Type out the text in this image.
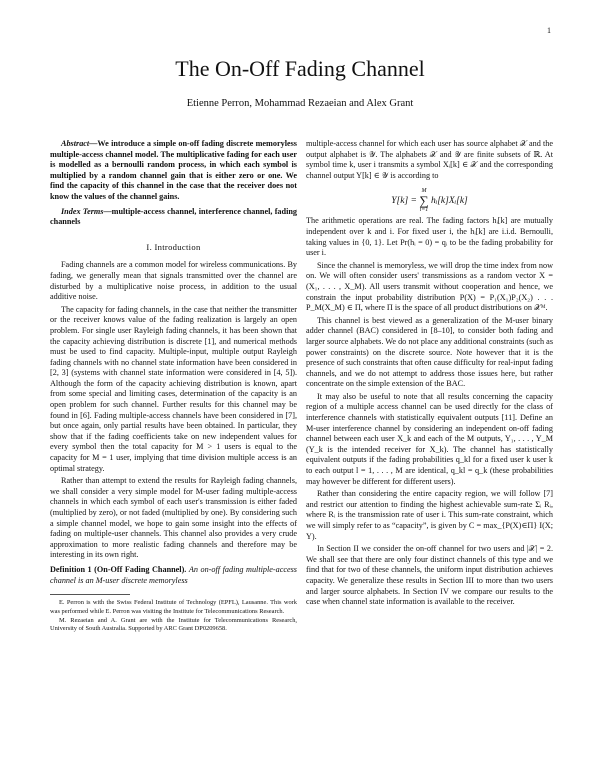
1
The On-Off Fading Channel
Etienne Perron, Mohammad Rezaeian and Alex Grant

Abstract—We introduce a simple on-off fading discrete memoryless multiple-access channel model. The multiplicative fading for each user is modelled as a bernoulli random process, in which each symbol is multiplied by a random channel gain that is either zero or one. We find the capacity of this channel in the case that the receiver does not know the values of the channel gains.

Index Terms—multiple-access channel, interference channel, fading channels

I. Introduction

Fading channels are a common model for wireless communications. By fading, we generally mean that signals transmitted over the channel are disturbed by a multiplicative noise process, in addition to the usual additive noise.

The capacity for fading channels, in the case that neither the transmitter or the receiver knows value of the fading realization is largely an open problem. For single user Rayleigh fading channels, it has been shown that the capacity achieving distribution is discrete [1], and numerical methods must be used to find capacity. Multiple-input, multiple output Rayleigh fading channels with no channel state information have been considered in [2, 3] (systems with channel state information were considered in [4, 5]). Although the form of the capacity achieving distribution is known, apart from some special and limiting cases, determination of the capacity is an open problem for such channel. Further results for this channel may be found in [6]. Fading multiple-access channels have been considered in [7], but once again, only partial results have been obtained. In particular, they show that if the fading coefficients take on new independent values for every symbol then the total capacity for M > 1 users is equal to the capacity for M = 1 user, implying that time division multiple access is an optimal strategy.

Rather than attempt to extend the results for Rayleigh fading channels, we shall consider a very simple model for M-user fading multiple-access channels in which each symbol of each user's transmission is either faded (multiplied by zero), or not faded (multiplied by one). By considering such a simple channel model, we hope to gain some insight into the effects of fading on multiple-user channels. This channel also provides a very crude approximation to more realistic fading channels and therefore may be interesting in its own right.

Definition 1 (On-Off Fading Channel). An on-off fading multiple-access channel is an M-user discrete memoryless

E. Perron is with the Swiss Federal Institute of Technology (EPFL), Lausanne. This work was performed while E. Perron was visiting the Institute for Telecommunications Research.

M. Rezaeian and A. Grant are with the Institute for Telecommunications Research, University of South Australia. Supported by ARC Grant DP0209658.

multiple-access channel for which each user has source alphabet 𝒳 and the output alphabet is 𝒴. The alphabets 𝒳 and 𝒴 are finite subsets of ℝ. At symbol time k, user i transmits a symbol Xᵢ[k] ∈ 𝒳 and the corresponding channel output Y[k] ∈ 𝒴 is according to

Y[k] =
M
∑
i=1
hᵢ[k]Xᵢ[k]

The arithmetic operations are real. The fading factors hᵢ[k] are mutually independent over k and i. For fixed user i, the hᵢ[k] are i.i.d. Bernoulli, taking values in {0, 1}. Let Pr(hᵢ = 0) = qᵢ to be the fading probability for user i.

Since the channel is memoryless, we will drop the time index from now on. We will often consider users' transmissions as a random vector X = (X₁, . . . , X_M). All users transmit without cooperation and hence, we constrain the input probability distribution P(X) = P₁(X₁)P₂(X₂) . . . P_M(X_M) ∈ Π, where Π is the space of all product distributions on 𝒳ᴹ.

This channel is best viewed as a generalization of the M-user binary adder channel (BAC) considered in [8–10], to consider both fading and larger source alphabets. We do not place any additional constraints (such as power constraints) on the discrete source. Note however that it is the presence of such constraints that often cause difficulty for real-input fading channels, and we do not attempt to address those issues here, but rather concentrate on the simple extension of the BAC.

It may also be useful to note that all results concerning the capacity region of a multiple access channel can be used directly for the class of interference channels with statistically equivalent outputs [11]. Define an M-user interference channel by considering an independent on-off fading channel between each user X_k and each of the M outputs, Y₁, . . . , Y_M (Y_k is the intended receiver for X_k). The channel has statistically equivalent outputs if the fading probabilities q_kl for a fixed user k user k to each output l = 1, . . . , M are identical, q_kl = q_k (these probabilities may however be different for different users).

Rather than considering the entire capacity region, we will follow [7] and restrict our attention to finding the highest achievable sum-rate Σᵢ Rᵢ, where Rᵢ is the transmission rate of user i. This sum-rate constraint, which we will simply refer to as “capacity”, is given by C = max_{P(X)∈Π} I(X; Y).

In Section II we consider the on-off channel for two users and |𝒳| = 2. We shall see that there are only four distinct channels of this type and we find that for two of these channels, the uniform input distribution achieves capacity. We generalize these results in Section III to more than two users and larger source alphabets. In Section IV we compare our results to the case when channel state information is available to the receiver.
